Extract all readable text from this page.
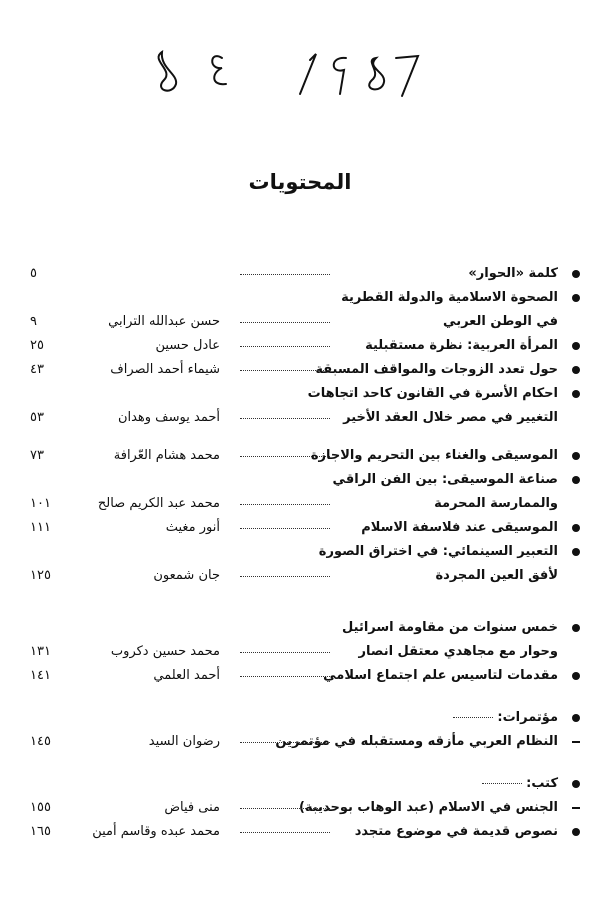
المحتويات
كلمة «الحوار»
٥
الصحوة الاسلامية والدولة القطرية
في الوطن العربي
حسن عبدالله الترابي
٩
المرأة العربية: نظرة مستقبلية
عادل حسين
٢٥
حول تعدد الزوجات والمواقف المسبقة
شيماء أحمد الصراف
٤٣
احكام الأسرة في القانون كاحد اتجاهات
التغيير في مصر خلال العقد الأخير
أحمد يوسف وهدان
٥٣
الموسيقى والغناء بين التحريم والاجازة
محمد هشام العّرافة
٧٣
صناعة الموسيقى: بين الفن الراقي
والممارسة المحرمة
محمد عبد الكريم صالح
١٠١
الموسيقى عند فلاسفة الاسلام
أنور مغيث
١١١
التعبير السينمائي: في اختراق الصورة
لأفق العين المجردة
جان شمعون
١٢٥
خمس سنوات من مقاومة اسرائيل
وحوار مع مجاهدي معتقل انصار
محمد حسين دكروب
١٣١
مقدمات لتاسيس علم اجتماع اسلامي
أحمد العلمي
١٤١
مؤتمرات:
النظام العربي مأزقه ومستقبله في مؤتمرين
رضوان السيد
١٤٥
كتب:
الجنس في الاسلام (عبد الوهاب بوحديبة)
منى فياض
١٥٥
نصوص قديمة في موضوع متجدد
محمد عبده وقاسم أمين
١٦٥
